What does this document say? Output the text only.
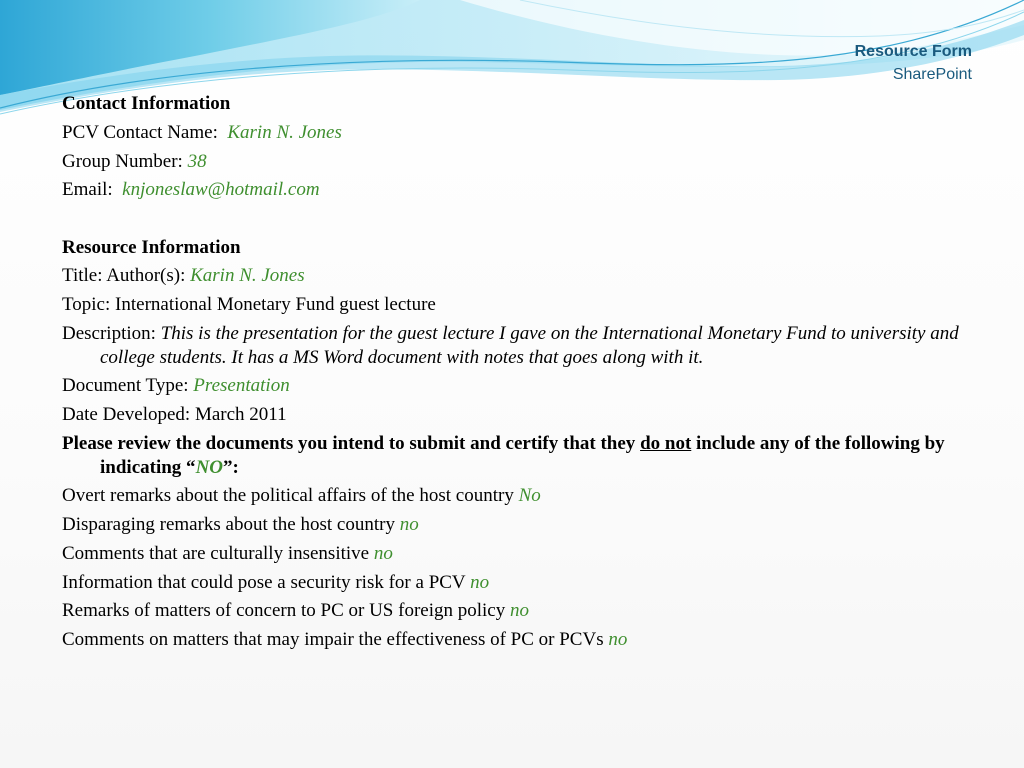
Resource Form
SharePoint

Contact Information

PCV Contact Name: Karin N. Jones

Group Number: 38

Email: knjoneslaw@hotmail.com

Resource Information

Title: Author(s): Karin N. Jones

Topic: International Monetary Fund guest lecture

Description: This is the presentation for the guest lecture I gave on the International Monetary Fund to university and college students. It has a MS Word document with notes that goes along with it.

Document Type: Presentation

Date Developed: March 2011

Please review the documents you intend to submit and certify that they do not include any of the following by indicating “NO”:

Overt remarks about the political affairs of the host country No

Disparaging remarks about the host country no

Comments that are culturally insensitive no

Information that could pose a security risk for a PCV no

Remarks of matters of concern to PC or US foreign policy no

Comments on matters that may impair the effectiveness of PC or PCVs no
